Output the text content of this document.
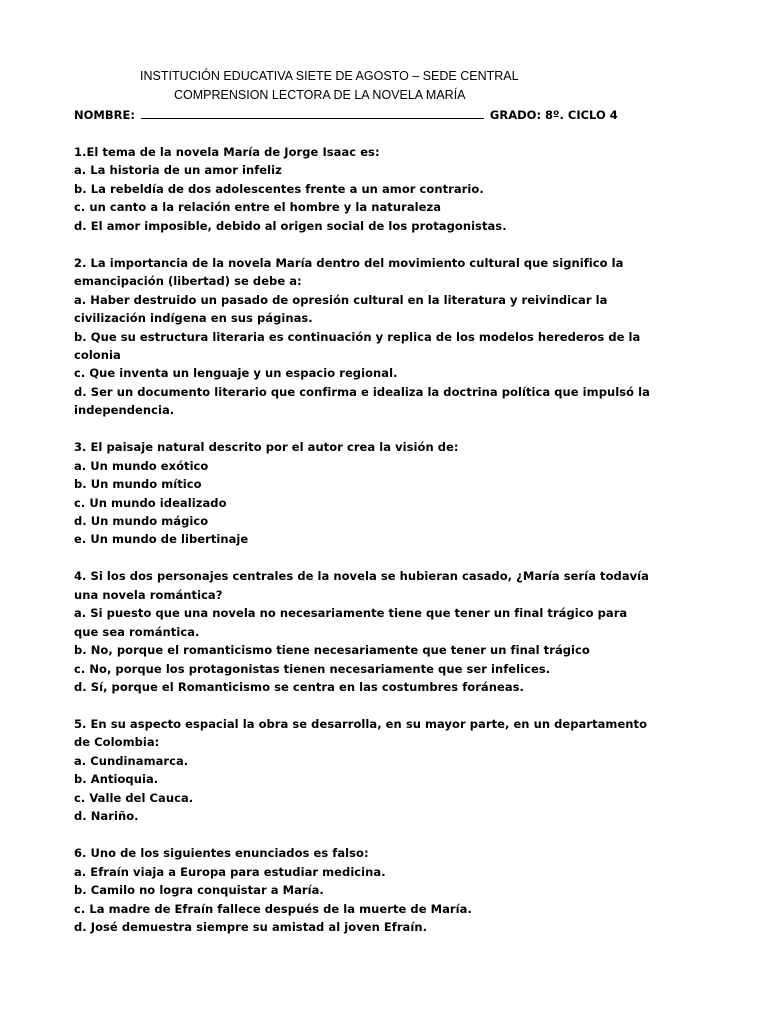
INSTITUCIÓN EDUCATIVA SIETE DE AGOSTO – SEDE CENTRAL
COMPRENSION LECTORA DE LA NOVELA MARÍA
NOMBRE:	GRADO: 8º. CICLO 4
1.El tema de la novela María de Jorge Isaac es:
a. La historia de un amor infeliz
b. La rebeldía de dos adolescentes frente a un amor contrario.
c. un canto a la relación entre el hombre y la naturaleza
d. El amor imposible, debido al origen social de los protagonistas.
2. La importancia de la novela María dentro del movimiento cultural que significo la
emancipación (libertad) se debe a:
a. Haber destruido un pasado de opresión cultural en la literatura y reivindicar la
civilización indígena en sus páginas.
b. Que su estructura literaria es continuación y replica de los modelos herederos de la
colonia
c. Que inventa un lenguaje y un espacio regional.
d. Ser un documento literario que confirma e idealiza la doctrina política que impulsó la
independencia.
3. El paisaje natural descrito por el autor crea la visión de:
a. Un mundo exótico
b. Un mundo mítico
c. Un mundo idealizado
d. Un mundo mágico
e. Un mundo de libertinaje
4. Si los dos personajes centrales de la novela se hubieran casado, ¿María sería todavía
una novela romántica?
a. Si puesto que una novela no necesariamente tiene que tener un final trágico para
que sea romántica.
b. No, porque el romanticismo tiene necesariamente que tener un final trágico
c. No, porque los protagonistas tienen necesariamente que ser infelices.
d. Sí, porque el Romanticismo se centra en las costumbres foráneas.
5. En su aspecto espacial la obra se desarrolla, en su mayor parte, en un departamento
de Colombia:
a. Cundinamarca.
b. Antioquia.
c. Valle del Cauca.
d. Nariño.
6. Uno de los siguientes enunciados es falso:
a. Efraín viaja a Europa para estudiar medicina.
b. Camilo no logra conquistar a María.
c. La madre de Efraín fallece después de la muerte de María.
d. José demuestra siempre su amistad al joven Efraín.
